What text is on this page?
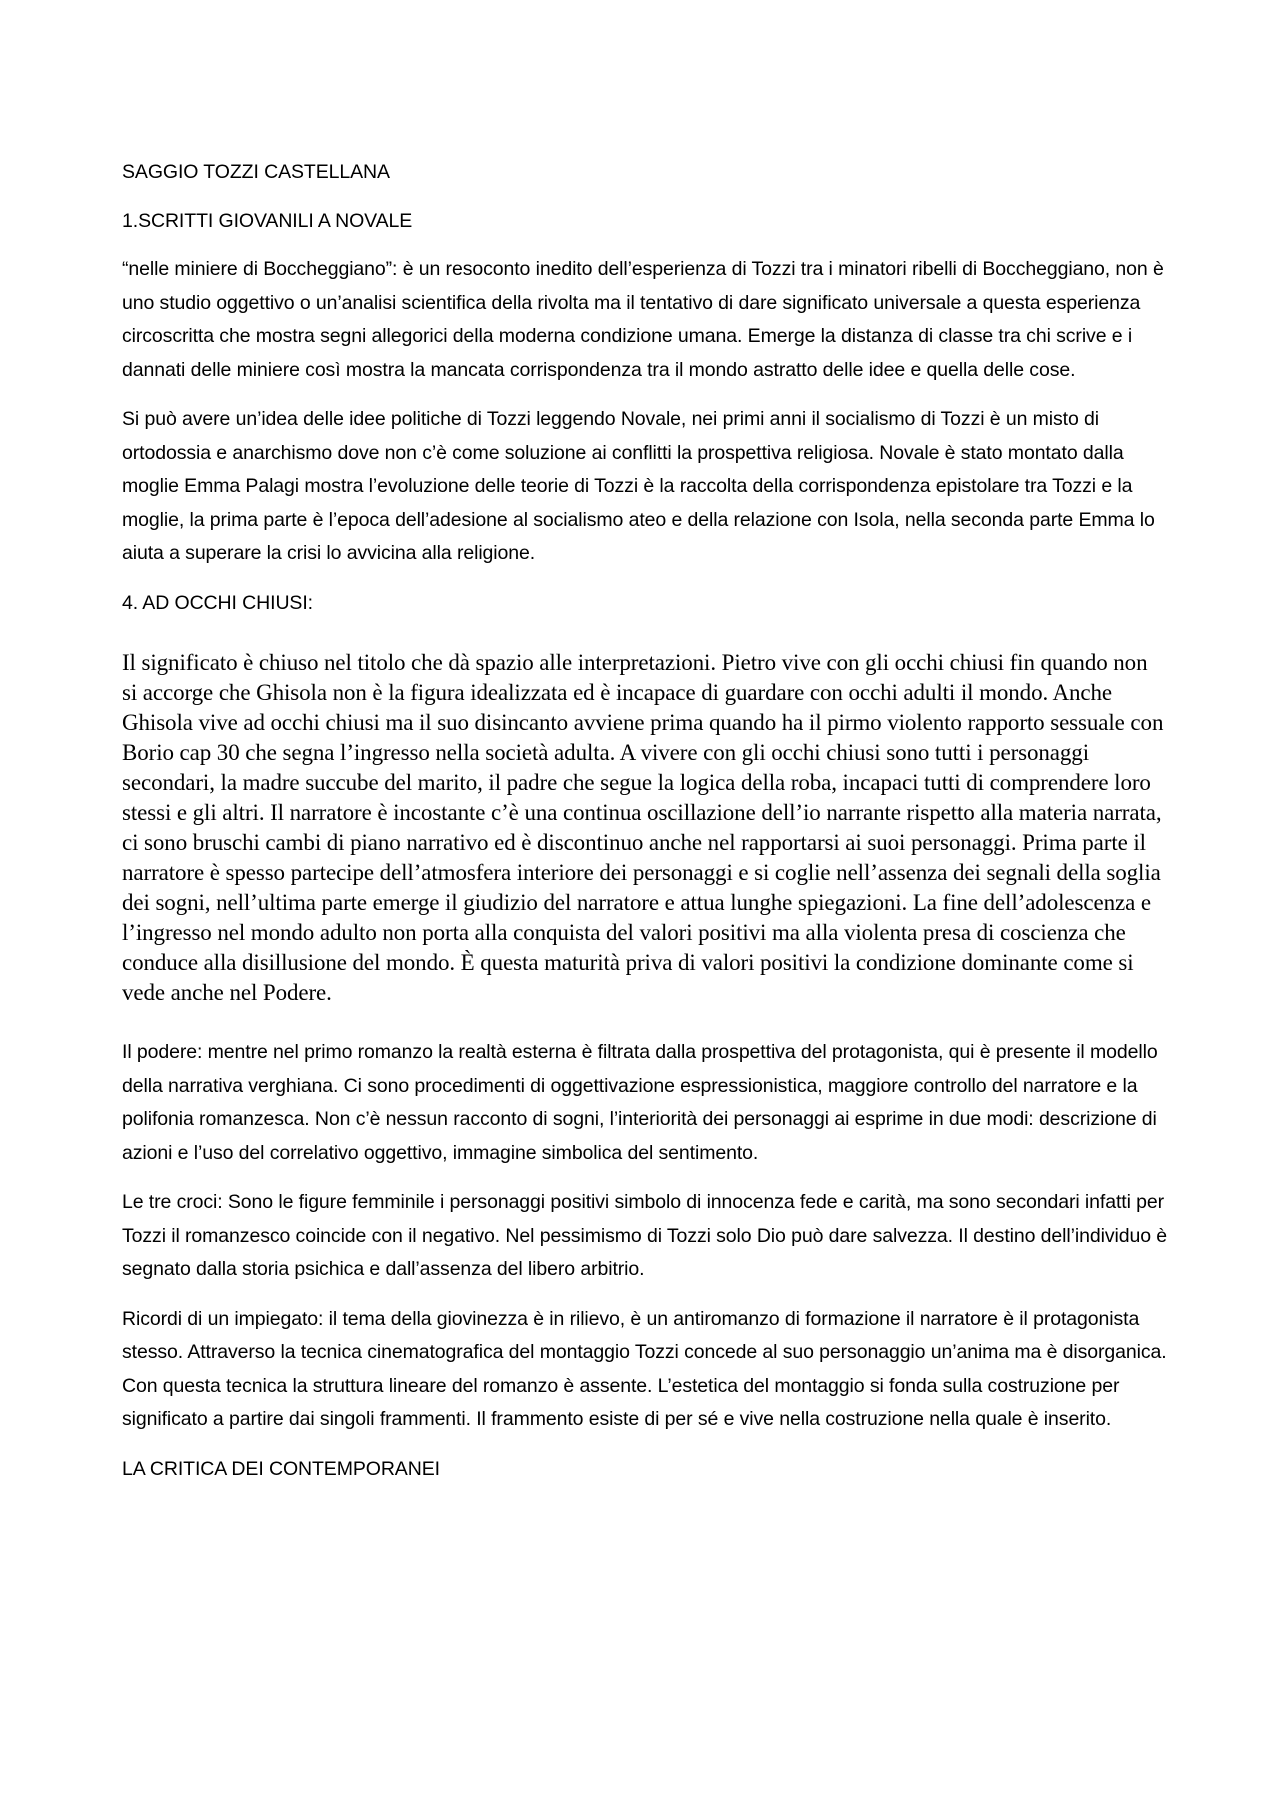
SAGGIO TOZZI CASTELLANA

1.SCRITTI GIOVANILI A NOVALE

“nelle miniere di Boccheggiano”: è un resoconto inedito dell’esperienza di Tozzi tra i minatori ribelli di Boccheggiano, non è uno studio oggettivo o un’analisi scientifica della rivolta ma il tentativo di dare significato universale a questa esperienza circoscritta che mostra segni allegorici della moderna condizione umana. Emerge la distanza di classe tra chi scrive e i dannati delle miniere così mostra la mancata corrispondenza tra il mondo astratto delle idee e quella delle cose.

Si può avere un’idea delle idee politiche di Tozzi leggendo Novale, nei primi anni il socialismo di Tozzi è un misto di ortodossia e anarchismo dove non c’è come soluzione ai conflitti la prospettiva religiosa. Novale è stato montato dalla moglie Emma Palagi mostra l’evoluzione delle teorie di Tozzi è la raccolta della corrispondenza epistolare tra Tozzi e la moglie, la prima parte è l’epoca dell’adesione al socialismo ateo e della relazione con Isola, nella seconda parte Emma lo aiuta a superare la crisi lo avvicina alla religione.

4. AD OCCHI CHIUSI:

Il significato è chiuso nel titolo che dà spazio alle interpretazioni. Pietro vive con gli occhi chiusi fin quando non si accorge che Ghisola non è la figura idealizzata ed è incapace di guardare con occhi adulti il mondo. Anche Ghisola vive ad occhi chiusi ma il suo disincanto avviene prima quando ha il pirmo violento rapporto sessuale con Borio cap 30 che segna l’ingresso nella società adulta. A vivere con gli occhi chiusi sono tutti i personaggi secondari, la madre succube del marito, il padre che segue la logica della roba, incapaci tutti di comprendere loro stessi e gli altri. Il narratore è incostante c’è una continua oscillazione dell’io narrante rispetto alla materia narrata, ci sono bruschi cambi di piano narrativo ed è discontinuo anche nel rapportarsi ai suoi personaggi. Prima parte il narratore è spesso partecipe dell’atmosfera interiore dei personaggi e si coglie nell’assenza dei segnali della soglia dei sogni, nell’ultima parte emerge il giudizio del narratore e attua lunghe spiegazioni. La fine dell’adolescenza e l’ingresso nel mondo adulto non porta alla conquista del valori positivi ma alla violenta presa di coscienza che conduce alla disillusione del mondo. È questa maturità priva di valori positivi la condizione dominante come si vede anche nel Podere.

Il podere: mentre nel primo romanzo la realtà esterna è filtrata dalla prospettiva del protagonista, qui è presente il modello della narrativa verghiana. Ci sono procedimenti di oggettivazione espressionistica, maggiore controllo del narratore e la polifonia romanzesca. Non c’è nessun racconto di sogni, l’interiorità dei personaggi ai esprime in due modi: descrizione di azioni e l’uso del correlativo oggettivo, immagine simbolica del sentimento.

Le tre croci: Sono le figure femminile i personaggi positivi simbolo di innocenza fede e carità, ma sono secondari infatti per Tozzi il romanzesco coincide con il negativo. Nel pessimismo di Tozzi solo Dio può dare salvezza. Il destino dell’individuo è segnato dalla storia psichica e dall’assenza del libero arbitrio.

Ricordi di un impiegato: il tema della giovinezza è in rilievo, è un antiromanzo di formazione il narratore è il protagonista stesso. Attraverso la tecnica cinematografica del montaggio Tozzi concede al suo personaggio un’anima ma è disorganica. Con questa tecnica la struttura lineare del romanzo è assente. L’estetica del montaggio si fonda sulla costruzione per significato a partire dai singoli frammenti. Il frammento esiste di per sé e vive nella costruzione nella quale è inserito.

LA CRITICA DEI CONTEMPORANEI
